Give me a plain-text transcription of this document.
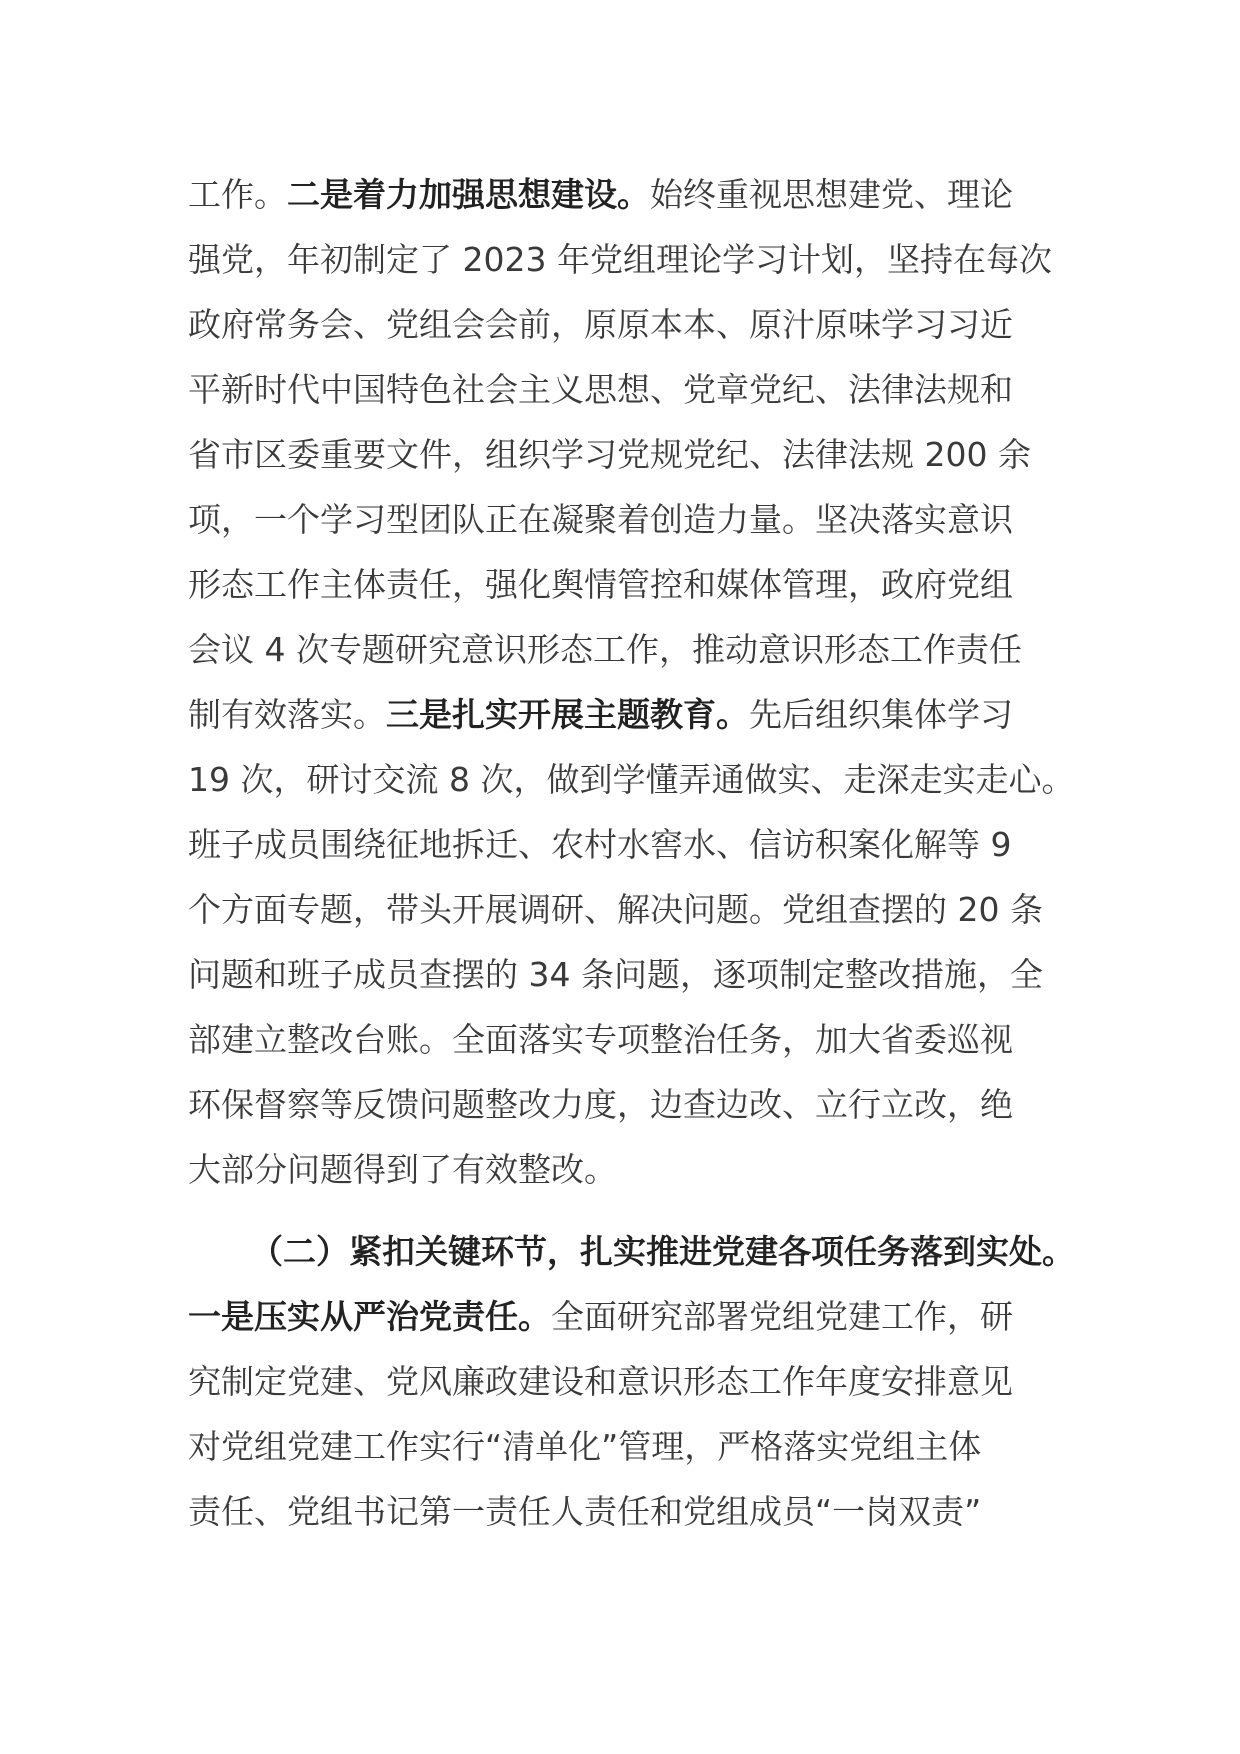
工作。二是着力加强思想建设。始终重视思想建党、理论

强党，年初制定了 2023 年党组理论学习计划，坚持在每次

政府常务会、党组会会前，原原本本、原汁原味学习习近

平新时代中国特色社会主义思想、党章党纪、法律法规和

省市区委重要文件，组织学习党规党纪、法律法规 200 余

项，一个学习型团队正在凝聚着创造力量。坚决落实意识

形态工作主体责任，强化舆情管控和媒体管理，政府党组

会议 4 次专题研究意识形态工作，推动意识形态工作责任

制有效落实。三是扎实开展主题教育。先后组织集体学习

19 次，研讨交流 8 次，做到学懂弄通做实、走深走实走心。

班子成员围绕征地拆迁、农村水窖水、信访积案化解等 9

个方面专题，带头开展调研、解决问题。党组查摆的 20 条

问题和班子成员查摆的 34 条问题，逐项制定整改措施，全

部建立整改台账。全面落实专项整治任务，加大省委巡视

环保督察等反馈问题整改力度，边查边改、立行立改，绝

大部分问题得到了有效整改。

（二）紧扣关键环节，扎实推进党建各项任务落到实处。

一是压实从严治党责任。全面研究部署党组党建工作，研

究制定党建、党风廉政建设和意识形态工作年度安排意见

对党组党建工作实行“清单化”管理，严格落实党组主体

责任、党组书记第一责任人责任和党组成员“一岗双责”
